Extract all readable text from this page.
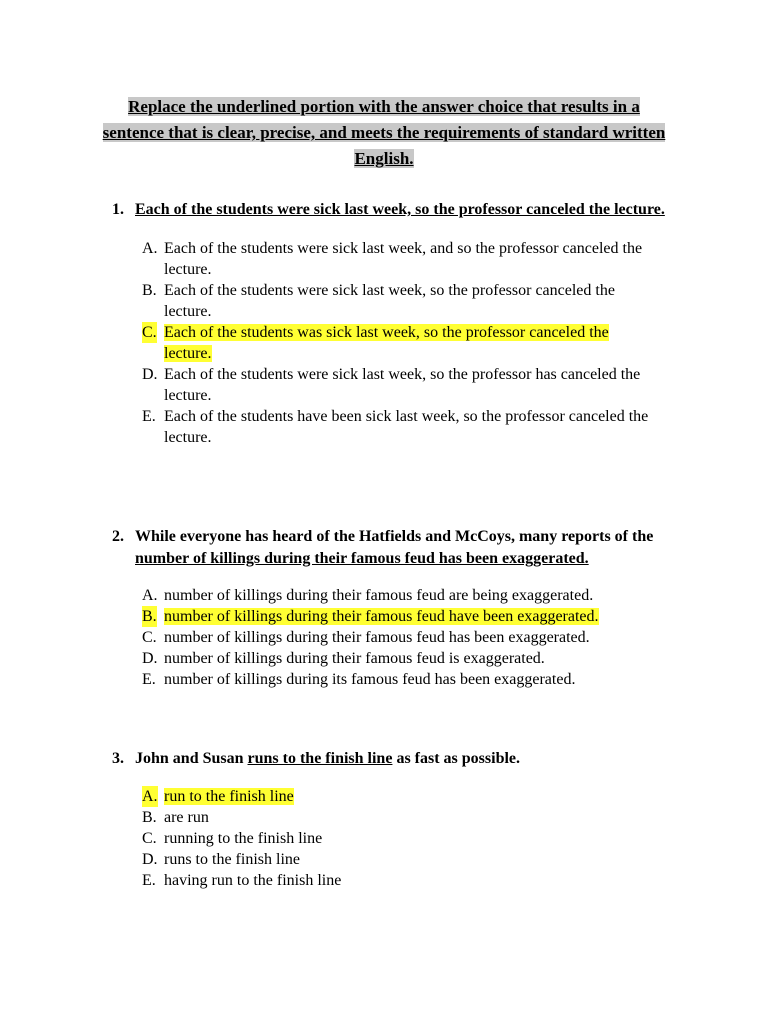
Replace the underlined portion with the answer choice that results in a sentence that is clear, precise, and meets the requirements of standard written English.
1. Each of the students were sick last week, so the professor canceled the lecture.
A. Each of the students were sick last week, and so the professor canceled the lecture.
B. Each of the students were sick last week, so the professor canceled the lecture.
C. Each of the students was sick last week, so the professor canceled the lecture.
D. Each of the students were sick last week, so the professor has canceled the lecture.
E. Each of the students have been sick last week, so the professor canceled the lecture.
2. While everyone has heard of the Hatfields and McCoys, many reports of the number of killings during their famous feud has been exaggerated.
A. number of killings during their famous feud are being exaggerated.
B. number of killings during their famous feud have been exaggerated.
C. number of killings during their famous feud has been exaggerated.
D. number of killings during their famous feud is exaggerated.
E. number of killings during its famous feud has been exaggerated.
3. John and Susan runs to the finish line as fast as possible.
A. run to the finish line
B. are run
C. running to the finish line
D. runs to the finish line
E. having run to the finish line
